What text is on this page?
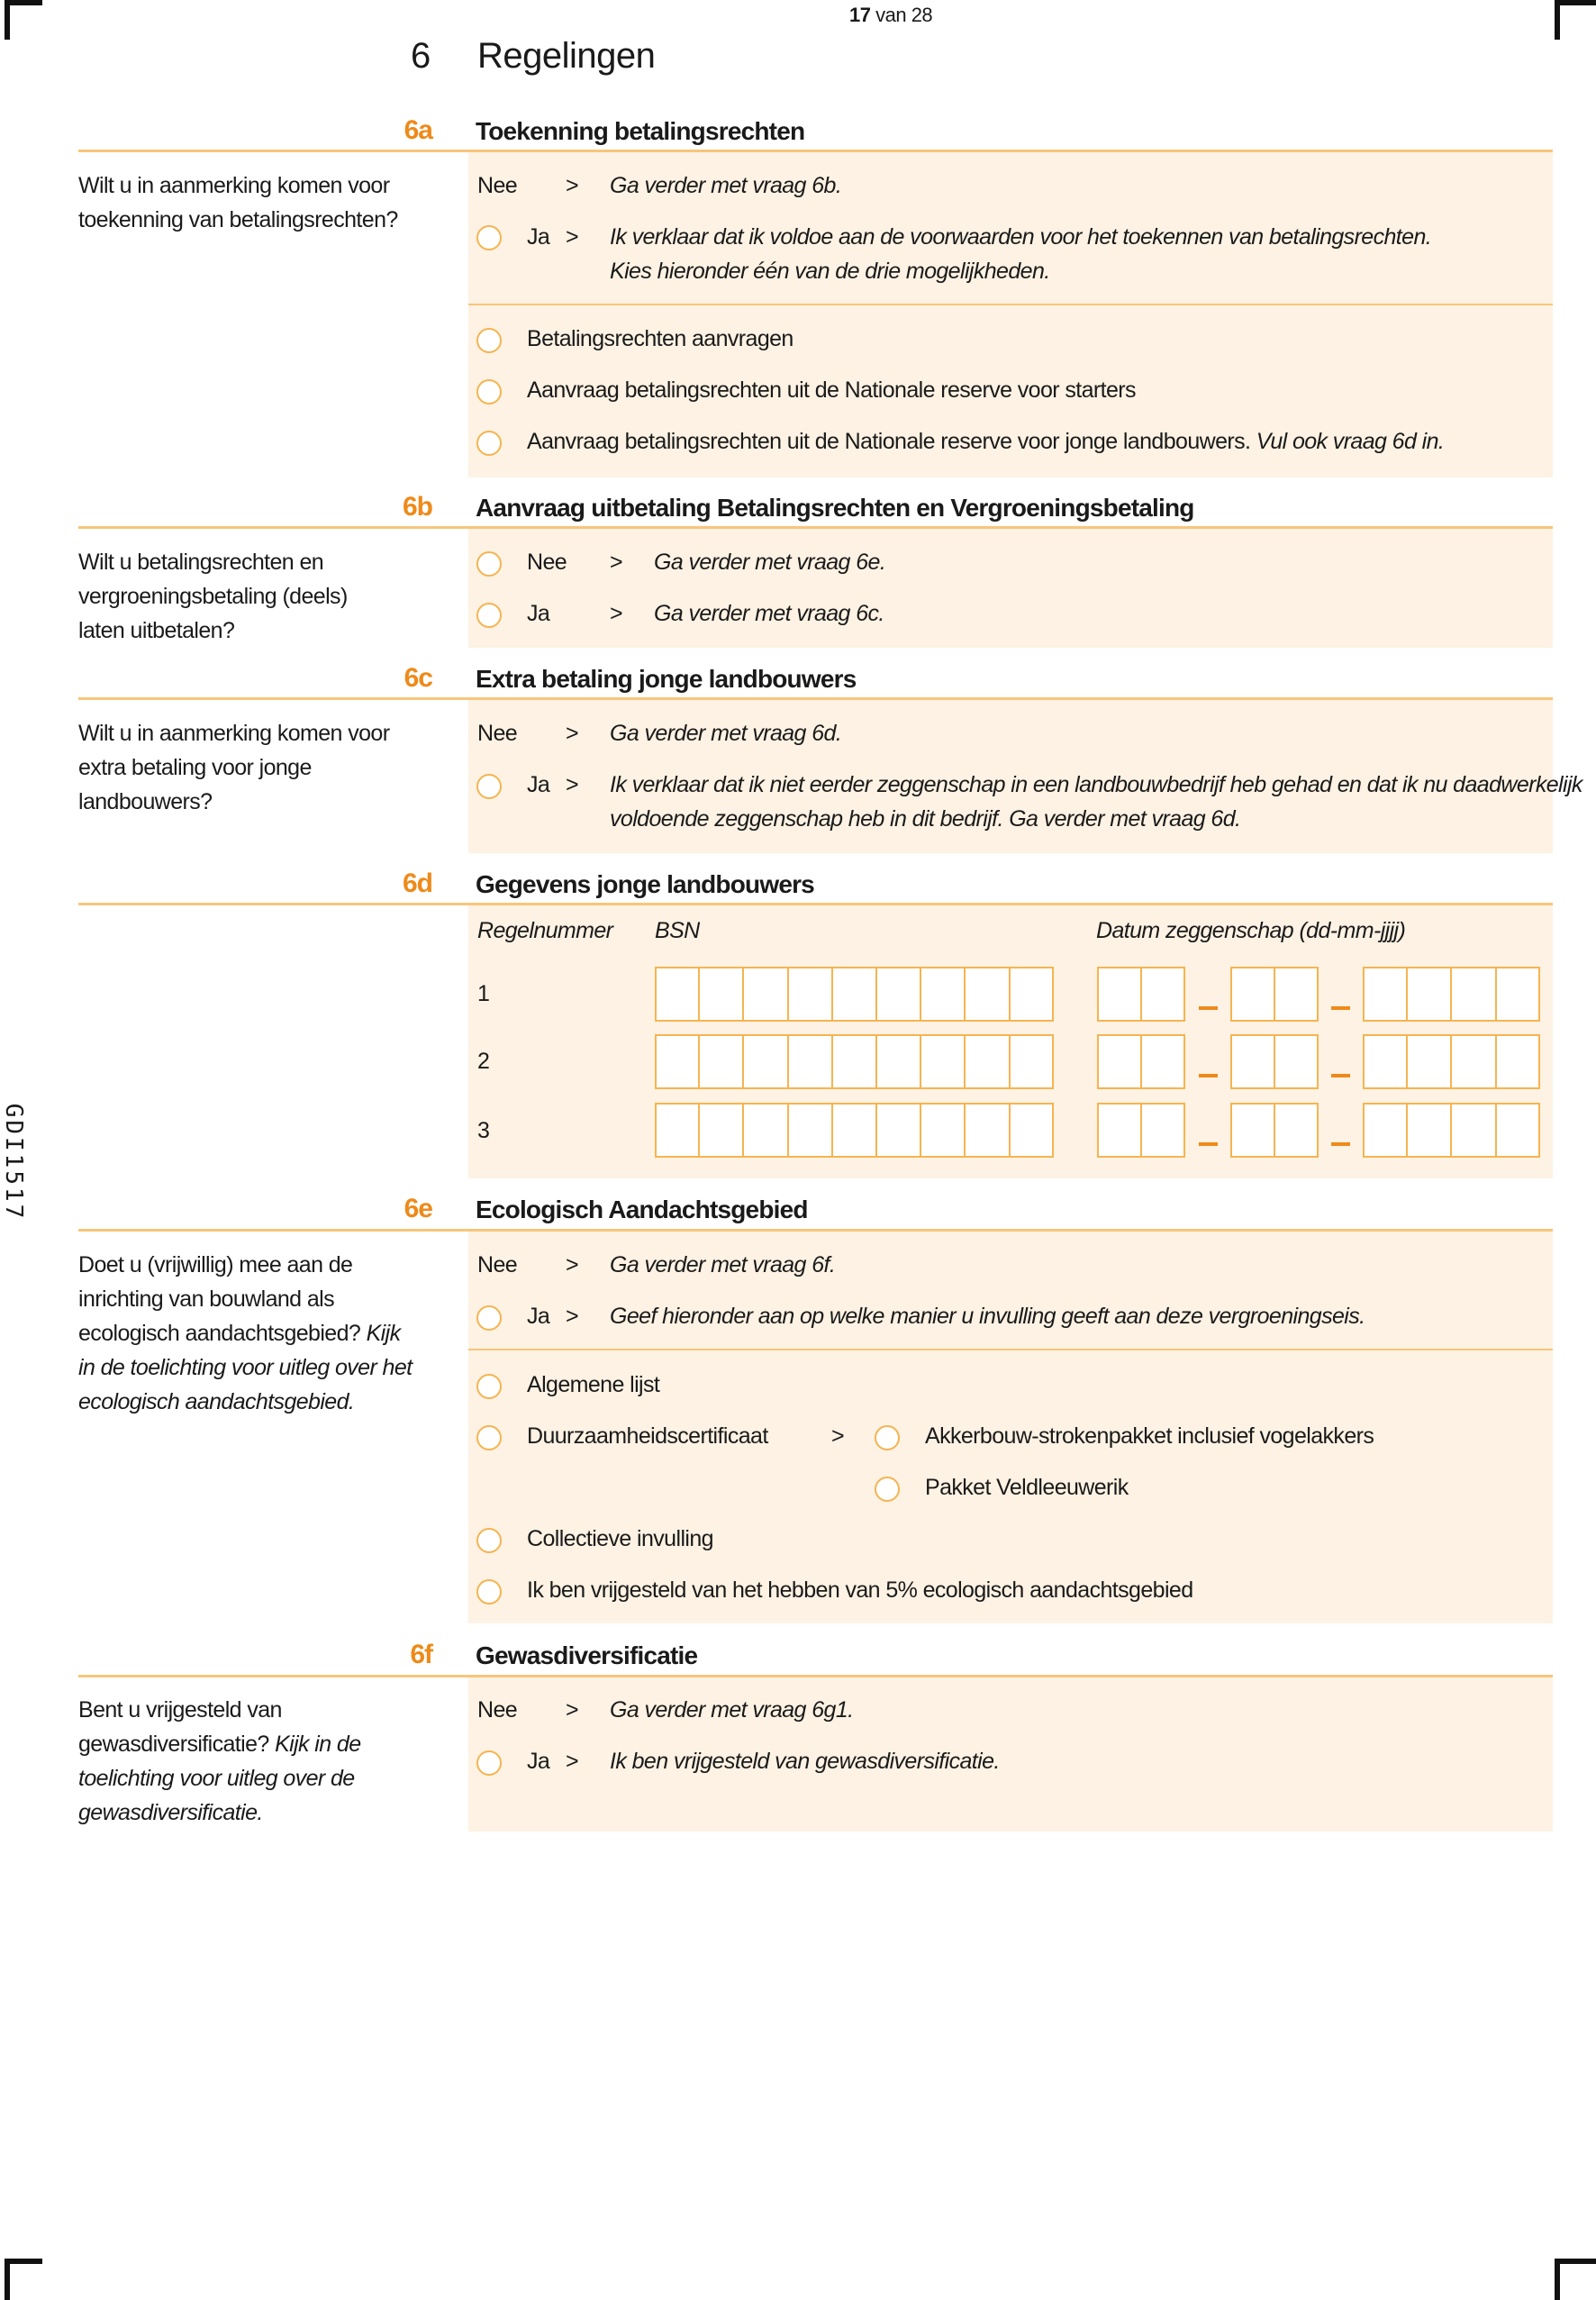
17 van 28
6 Regelingen
GDI1517
6a Toekenning betalingsrechten
Wilt u in aanmerking komen voor toekenning van betalingsrechten?
Nee > Ga verder met vraag 6b.
Ja > Ik verklaar dat ik voldoe aan de voorwaarden voor het toekennen van betalingsrechten.
Kies hieronder één van de drie mogelijkheden.
Betalingsrechten aanvragen
Aanvraag betalingsrechten uit de Nationale reserve voor starters
Aanvraag betalingsrechten uit de Nationale reserve voor jonge landbouwers. Vul ook vraag 6d in.
6b Aanvraag uitbetaling Betalingsrechten en Vergroeningsbetaling
Wilt u betalingsrechten en vergroeningsbetaling (deels) laten uitbetalen?
Nee > Ga verder met vraag 6e.
Ja	> Ga verder met vraag 6c.
6c Extra betaling jonge landbouwers
Wilt u in aanmerking komen voor extra betaling voor jonge landbouwers?
Nee > Ga verder met vraag 6d.
Ja > Ik verklaar dat ik niet eerder zeggenschap in een landbouwbedrijf heb gehad en dat ik nu daadwerkelijk
voldoende zeggenschap heb in dit bedrijf. Ga verder met vraag 6d.
6d Gegevens jonge landbouwers
Regelnummer BSN	Datum zeggenschap (dd-mm-jjjj)
1
2
3
6e Ecologisch Aandachtsgebied
Doet u (vrijwillig) mee aan de inrichting van bouwland als ecologisch aandachtsgebied? Kijk in de toelichting voor uitleg over het ecologisch aandachtsgebied.
Nee > Ga verder met vraag 6f.
Ja > Geef hieronder aan op welke manier u invulling geeft aan deze vergroeningseis.
Algemene lijst
Duurzaamheidscertificaat	>	Akkerbouw-strokenpakket inclusief vogelakkers
Pakket Veldleeuwerik
Collectieve invulling
Ik ben vrijgesteld van het hebben van 5% ecologisch aandachtsgebied
6f Gewasdiversificatie
Bent u vrijgesteld van gewasdiversificatie? Kijk in de toelichting voor uitleg over de gewasdiversificatie.
Nee > Ga verder met vraag 6g1.
Ja > Ik ben vrijgesteld van gewasdiversificatie.
